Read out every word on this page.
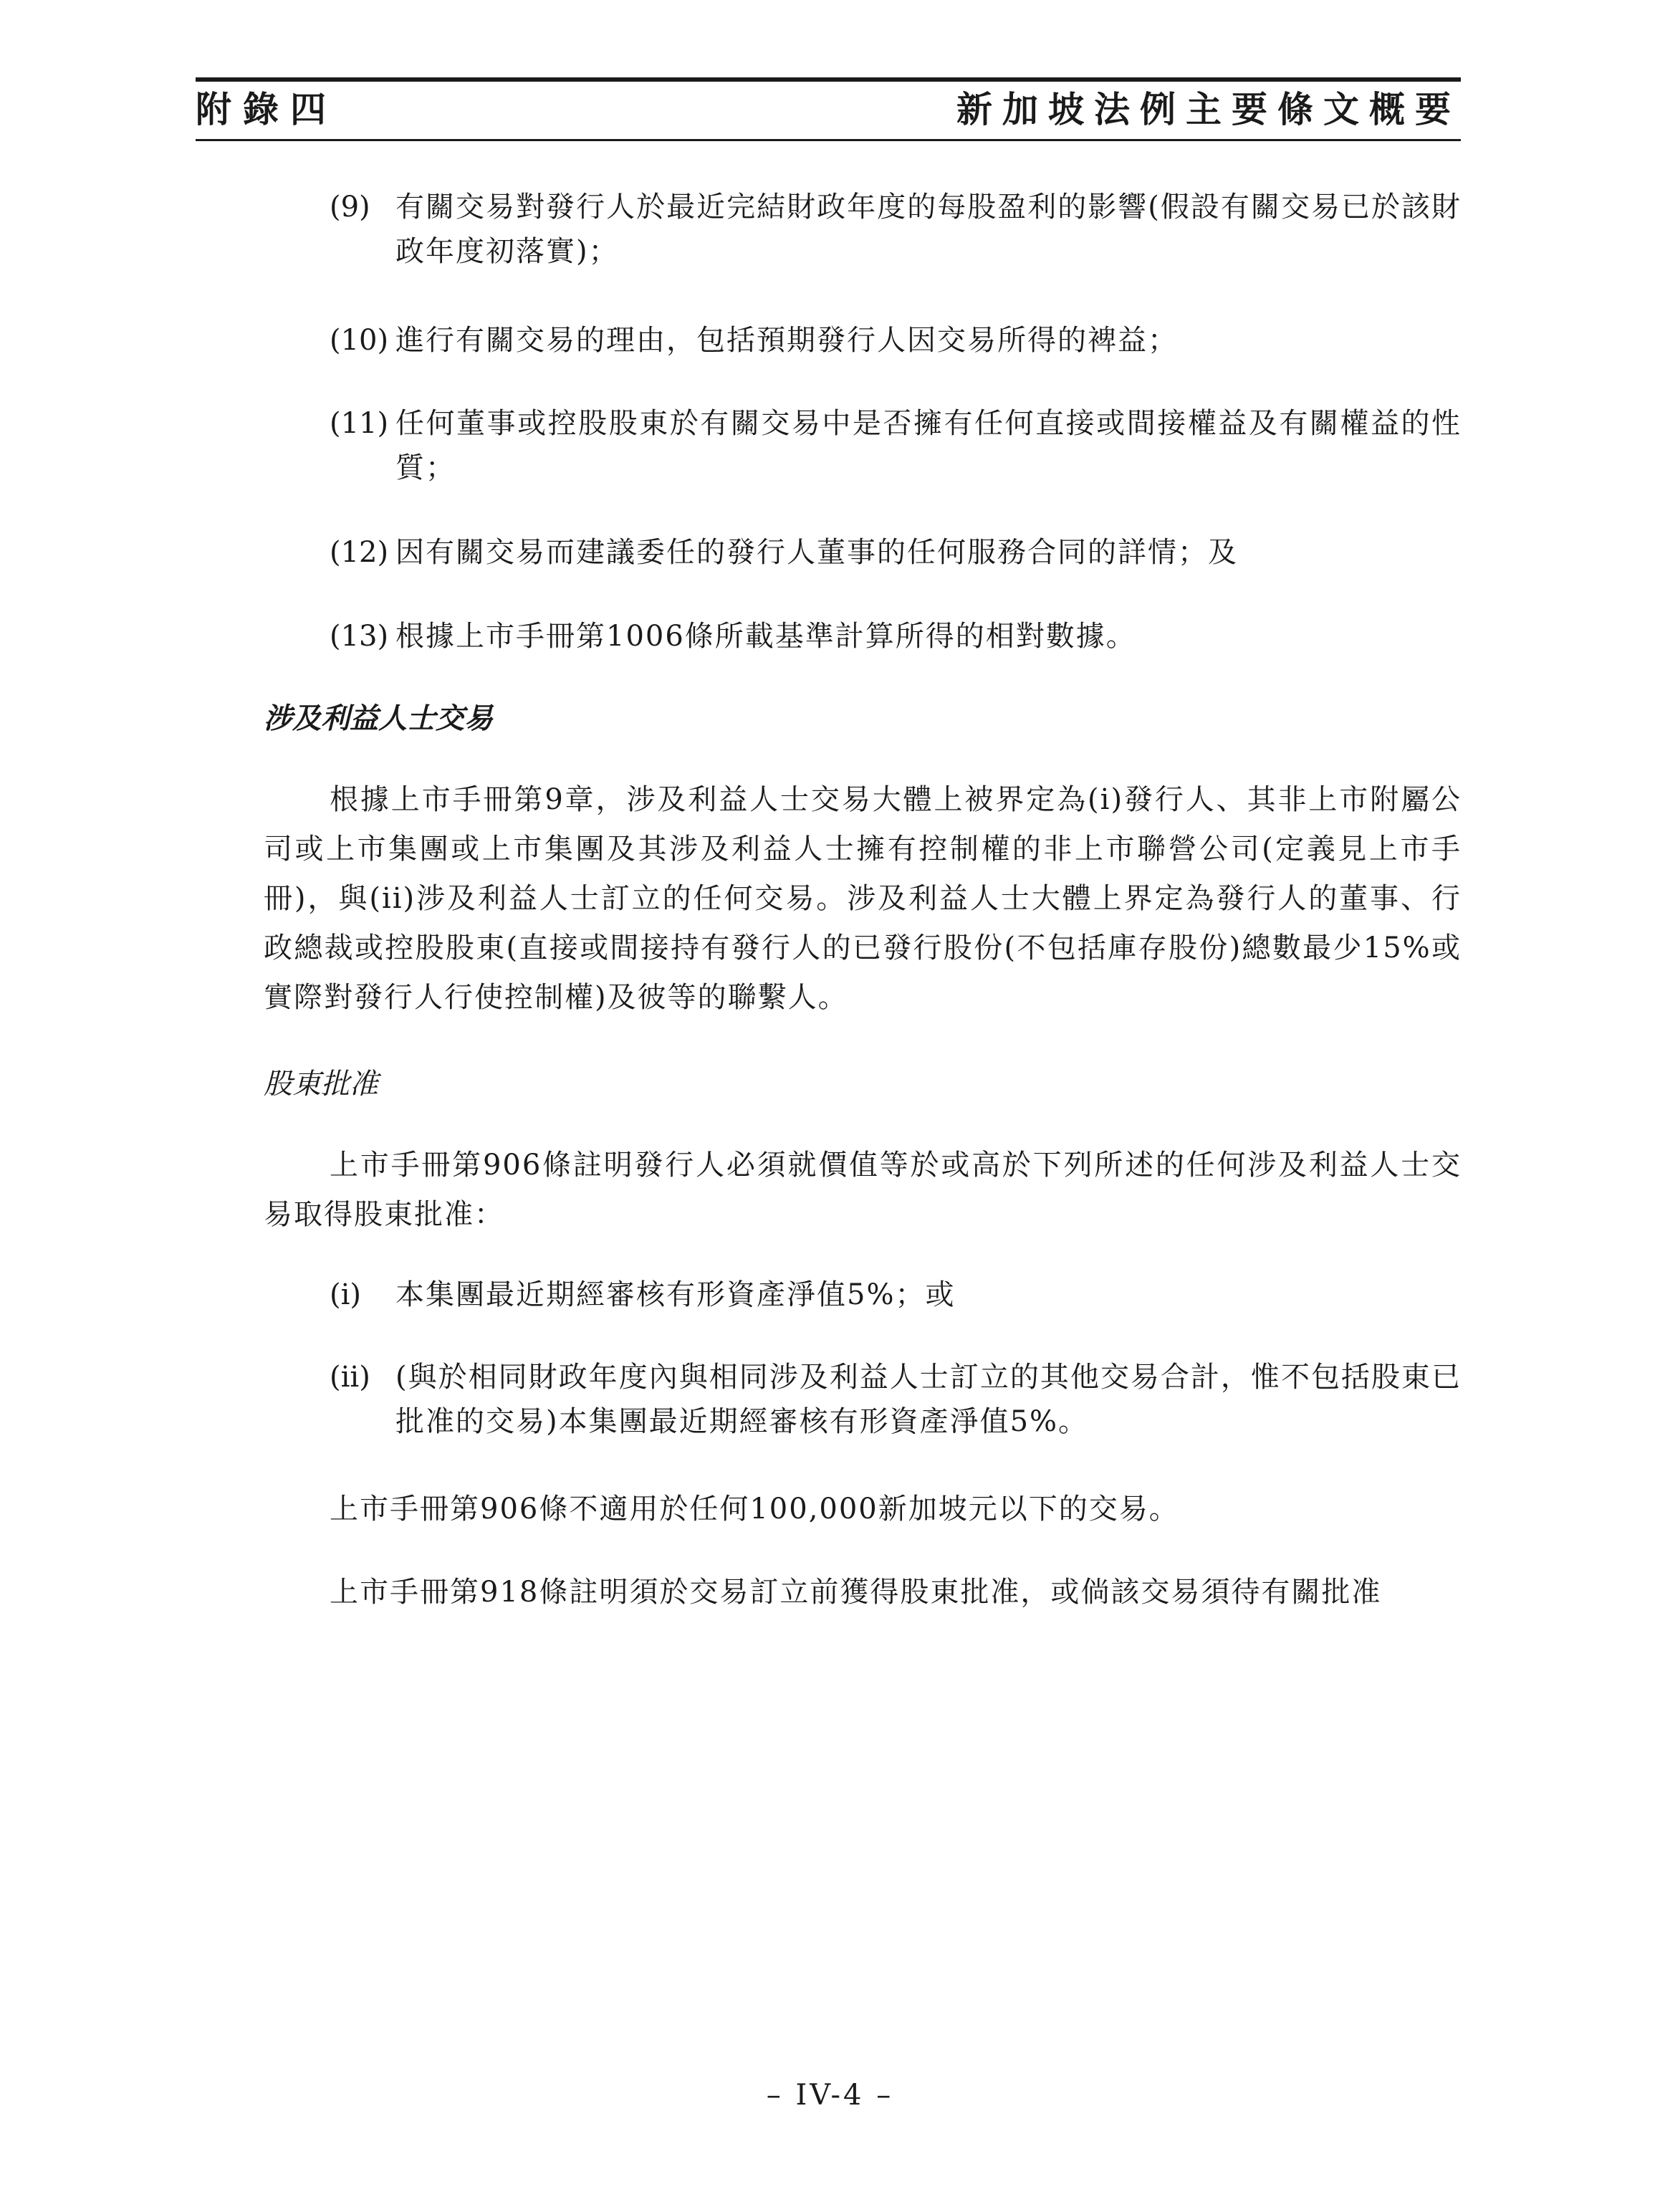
附錄四	新加坡法例主要條文概要
(9) 有關交易對發行人於最近完結財政年度的每股盈利的影響(假設有關交易已於該財政年度初落實)；
(10) 進行有關交易的理由，包括預期發行人因交易所得的裨益；
(11) 任何董事或控股股東於有關交易中是否擁有任何直接或間接權益及有關權益的性質；
(12) 因有關交易而建議委任的發行人董事的任何服務合同的詳情；及
(13) 根據上市手冊第1006條所載基準計算所得的相對數據。
涉及利益人士交易
根據上市手冊第9章，涉及利益人士交易大體上被界定為(i)發行人、其非上市附屬公司或上市集團或上市集團及其涉及利益人士擁有控制權的非上市聯營公司(定義見上市手冊)，與(ii)涉及利益人士訂立的任何交易。涉及利益人士大體上界定為發行人的董事、行政總裁或控股股東(直接或間接持有發行人的已發行股份(不包括庫存股份)總數最少15%或實際對發行人行使控制權)及彼等的聯繫人。
股東批准
上市手冊第906條註明發行人必須就價值等於或高於下列所述的任何涉及利益人士交易取得股東批准：
(i) 本集團最近期經審核有形資產淨值5%；或
(ii) (與於相同財政年度內與相同涉及利益人士訂立的其他交易合計，惟不包括股東已批准的交易)本集團最近期經審核有形資產淨值5%。
上市手冊第906條不適用於任何100,000新加坡元以下的交易。
上市手冊第918條註明須於交易訂立前獲得股東批准，或倘該交易須待有關批准
– IV-4 –
